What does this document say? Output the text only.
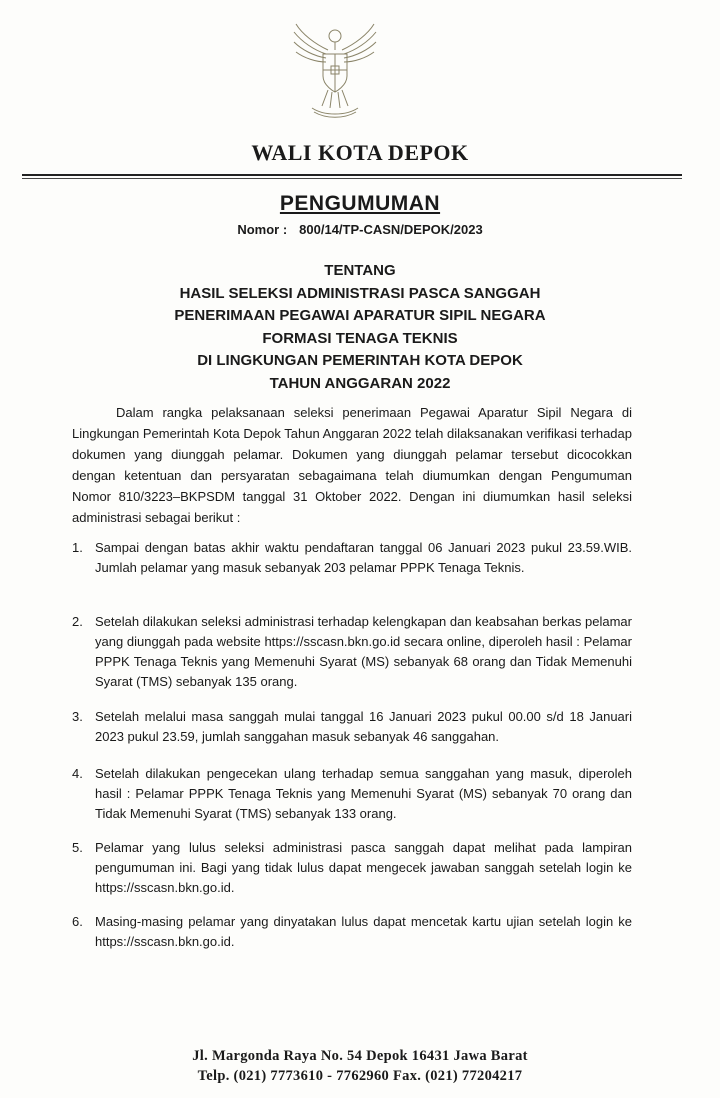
WALI KOTA DEPOK
PENGUMUMAN
Nomor : 800/14/TP-CASN/DEPOK/2023
TENTANG
HASIL SELEKSI ADMINISTRASI PASCA SANGGAH
PENERIMAAN PEGAWAI APARATUR SIPIL NEGARA
FORMASI TENAGA TEKNIS
DI LINGKUNGAN PEMERINTAH KOTA DEPOK
TAHUN ANGGARAN 2022
Dalam rangka pelaksanaan seleksi penerimaan Pegawai Aparatur Sipil Negara di Lingkungan Pemerintah Kota Depok Tahun Anggaran 2022 telah dilaksanakan verifikasi terhadap dokumen yang diunggah pelamar. Dokumen yang diunggah pelamar tersebut dicocokkan dengan ketentuan dan persyaratan sebagaimana telah diumumkan dengan Pengumuman Nomor 810/3223–BKPSDM tanggal 31 Oktober 2022. Dengan ini diumumkan hasil seleksi administrasi sebagai berikut :
1. Sampai dengan batas akhir waktu pendaftaran tanggal 06 Januari 2023 pukul 23.59.WIB. Jumlah pelamar yang masuk sebanyak 203 pelamar PPPK Tenaga Teknis.
2. Setelah dilakukan seleksi administrasi terhadap kelengkapan dan keabsahan berkas pelamar yang diunggah pada website https://sscasn.bkn.go.id secara online, diperoleh hasil : Pelamar PPPK Tenaga Teknis yang Memenuhi Syarat (MS) sebanyak 68 orang dan Tidak Memenuhi Syarat (TMS) sebanyak 135 orang.
3. Setelah melalui masa sanggah mulai tanggal 16 Januari 2023 pukul 00.00 s/d 18 Januari 2023 pukul 23.59, jumlah sanggahan masuk sebanyak 46 sanggahan.
4. Setelah dilakukan pengecekan ulang terhadap semua sanggahan yang masuk, diperoleh hasil : Pelamar PPPK Tenaga Teknis yang Memenuhi Syarat (MS) sebanyak 70 orang dan Tidak Memenuhi Syarat (TMS) sebanyak 133 orang.
5. Pelamar yang lulus seleksi administrasi pasca sanggah dapat melihat pada lampiran pengumuman ini. Bagi yang tidak lulus dapat mengecek jawaban sanggah setelah login ke https://sscasn.bkn.go.id.
6. Masing-masing pelamar yang dinyatakan lulus dapat mencetak kartu ujian setelah login ke https://sscasn.bkn.go.id.
Jl. Margonda Raya No. 54 Depok 16431 Jawa Barat
Telp. (021) 7773610 - 7762960 Fax. (021) 77204217
